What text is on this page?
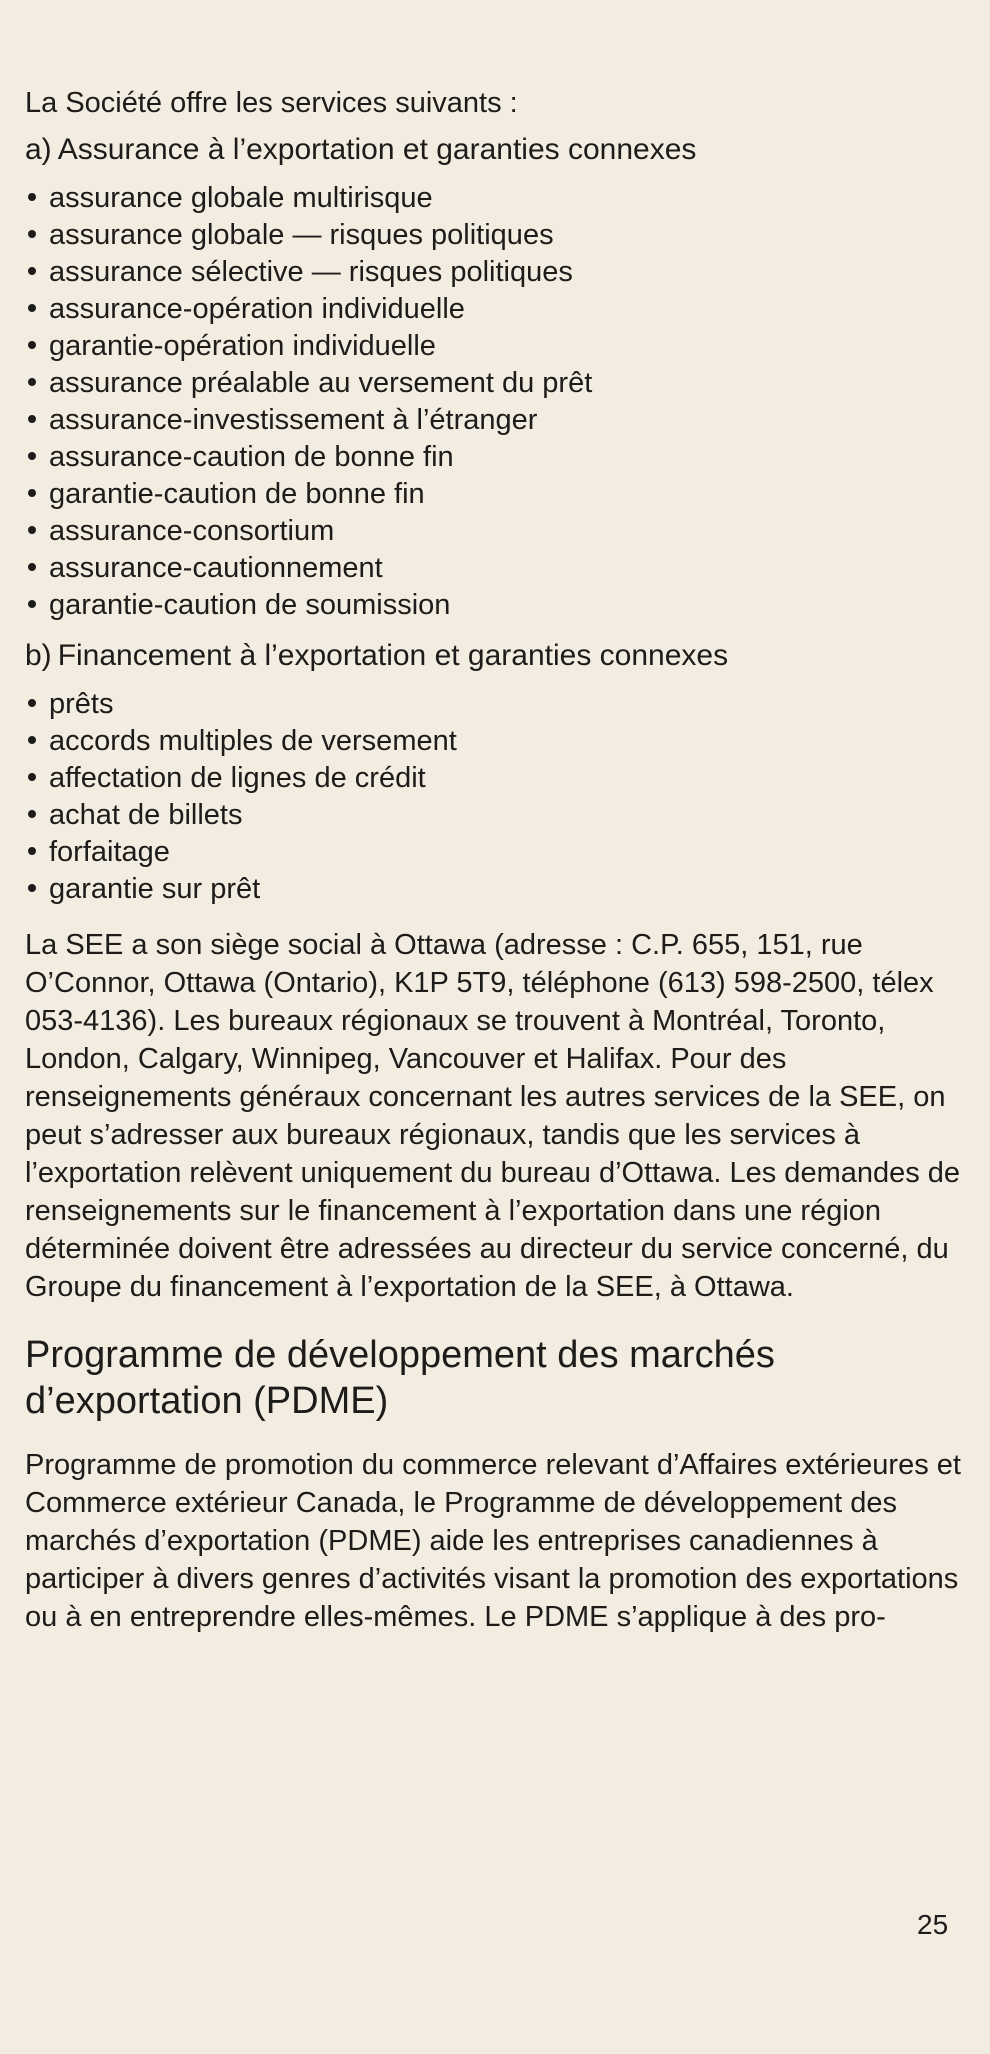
La Société offre les services suivants :

a) Assurance à l’exportation et garanties connexes
assurance globale multirisque
assurance globale — risques politiques
assurance sélective — risques politiques
assurance-opération individuelle
garantie-opération individuelle
assurance préalable au versement du prêt
assurance-investissement à l’étranger
assurance-caution de bonne fin
garantie-caution de bonne fin
assurance-consortium
assurance-cautionnement
garantie-caution de soumission
b) Financement à l’exportation et garanties connexes
prêts
accords multiples de versement
affectation de lignes de crédit
achat de billets
forfaitage
garantie sur prêt

La SEE a son siège social à Ottawa (adresse : C.P. 655, 151, rue O’Connor, Ottawa (Ontario), K1P 5T9, téléphone (613) 598-2500, télex 053-4136). Les bureaux régionaux se trouvent à Montréal, Toronto, London, Calgary, Winnipeg, Vancouver et Halifax. Pour des renseignements généraux concernant les autres services de la SEE, on peut s’adresser aux bureaux régionaux, tandis que les services à l’exportation relèvent uniquement du bureau d’Ottawa. Les demandes de renseignements sur le financement à l’exportation dans une région déterminée doivent être adressées au directeur du service concerné, du Groupe du financement à l’exportation de la SEE, à Ottawa.

Programme de développement des marchés d’exportation (PDME)

Programme de promotion du commerce relevant d’Affaires extérieures et Commerce extérieur Canada, le Programme de développement des marchés d’exportation (PDME) aide les entreprises canadiennes à participer à divers genres d’activités visant la promotion des exportations ou à en entreprendre elles-mêmes. Le PDME s’applique à des pro-

25
